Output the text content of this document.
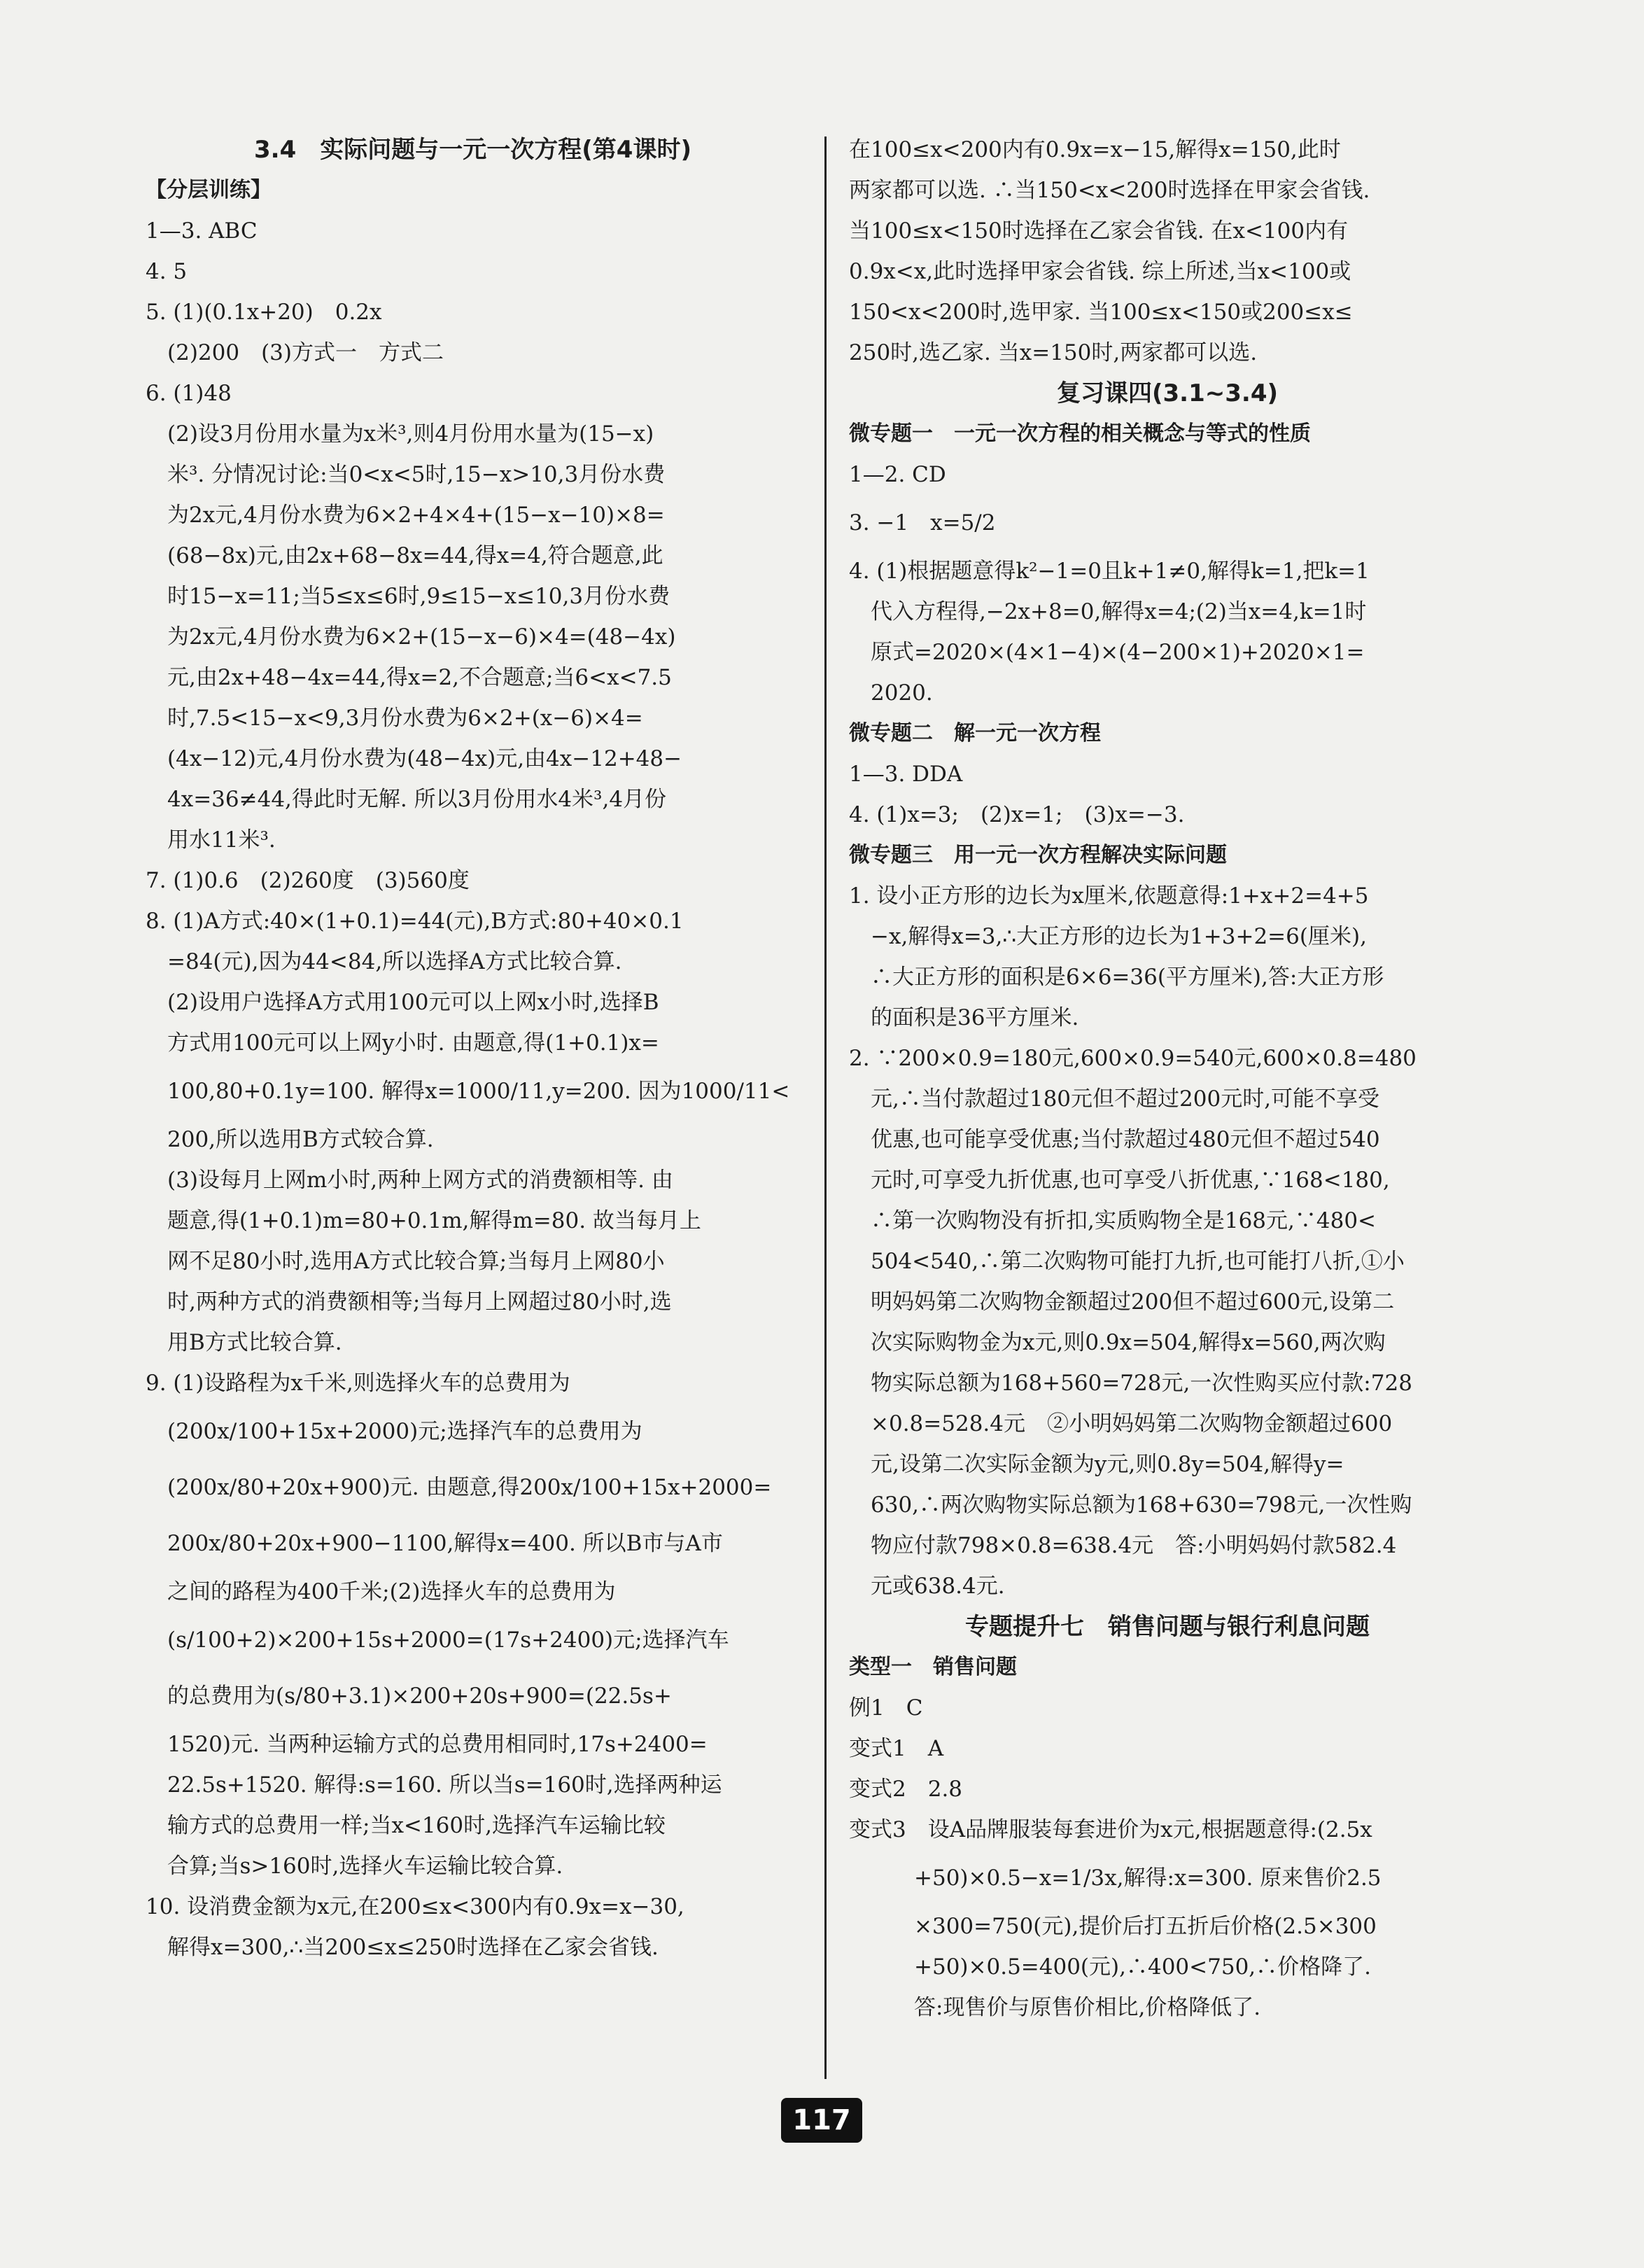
3.4　实际问题与一元一次方程(第4课时)
【分层训练】
1—3. ABC
4. 5
5. (1)(0.1x+20)　0.2x
　(2)200　(3)方式一　方式二
6. (1)48
　(2)设3月份用水量为x米³,则4月份用水量为(15−x)
　米³. 分情况讨论:当0<x<5时,15−x>10,3月份水费
　为2x元,4月份水费为6×2+4×4+(15−x−10)×8=
　(68−8x)元,由2x+68−8x=44,得x=4,符合题意,此
　时15−x=11;当5≤x≤6时,9≤15−x≤10,3月份水费
　为2x元,4月份水费为6×2+(15−x−6)×4=(48−4x)
　元,由2x+48−4x=44,得x=2,不合题意;当6<x<7.5
　时,7.5<15−x<9,3月份水费为6×2+(x−6)×4=
　(4x−12)元,4月份水费为(48−4x)元,由4x−12+48−
　4x=36≠44,得此时无解. 所以3月份用水4米³,4月份
　用水11米³.
7. (1)0.6　(2)260度　(3)560度
8. (1)A方式:40×(1+0.1)=44(元),B方式:80+40×0.1
　=84(元),因为44<84,所以选择A方式比较合算.
　(2)设用户选择A方式用100元可以上网x小时,选择B
　方式用100元可以上网y小时. 由题意,得(1+0.1)x=
　100,80+0.1y=100. 解得x=1000/11,y=200. 因为1000/11<
　200,所以选用B方式较合算.
　(3)设每月上网m小时,两种上网方式的消费额相等. 由
　题意,得(1+0.1)m=80+0.1m,解得m=80. 故当每月上
　网不足80小时,选用A方式比较合算;当每月上网80小
　时,两种方式的消费额相等;当每月上网超过80小时,选
　用B方式比较合算.
9. (1)设路程为x千米,则选择火车的总费用为
　(200x/100+15x+2000)元;选择汽车的总费用为
　(200x/80+20x+900)元. 由题意,得200x/100+15x+2000=
　200x/80+20x+900−1100,解得x=400. 所以B市与A市
　之间的路程为400千米;(2)选择火车的总费用为
　(s/100+2)×200+15s+2000=(17s+2400)元;选择汽车
　的总费用为(s/80+3.1)×200+20s+900=(22.5s+
　1520)元. 当两种运输方式的总费用相同时,17s+2400=
　22.5s+1520. 解得:s=160. 所以当s=160时,选择两种运
　输方式的总费用一样;当x<160时,选择汽车运输比较
　合算;当s>160时,选择火车运输比较合算.
10. 设消费金额为x元,在200≤x<300内有0.9x=x−30,
　解得x=300,∴当200≤x≤250时选择在乙家会省钱.
在100≤x<200内有0.9x=x−15,解得x=150,此时
两家都可以选. ∴当150<x<200时选择在甲家会省钱.
当100≤x<150时选择在乙家会省钱. 在x<100内有
0.9x<x,此时选择甲家会省钱. 综上所述,当x<100或
150<x<200时,选甲家. 当100≤x<150或200≤x≤
250时,选乙家. 当x=150时,两家都可以选.
复习课四(3.1~3.4)
微专题一　一元一次方程的相关概念与等式的性质
1—2. CD
3. −1　x=5/2
4. (1)根据题意得k²−1=0且k+1≠0,解得k=1,把k=1
　代入方程得,−2x+8=0,解得x=4;(2)当x=4,k=1时
　原式=2020×(4×1−4)×(4−200×1)+2020×1=
　2020.
微专题二　解一元一次方程
1—3. DDA
4. (1)x=3;　(2)x=1;　(3)x=−3.
微专题三　用一元一次方程解决实际问题
1. 设小正方形的边长为x厘米,依题意得:1+x+2=4+5
　−x,解得x=3,∴大正方形的边长为1+3+2=6(厘米),
　∴大正方形的面积是6×6=36(平方厘米),答:大正方形
　的面积是36平方厘米.
2. ∵200×0.9=180元,600×0.9=540元,600×0.8=480
　元,∴当付款超过180元但不超过200元时,可能不享受
　优惠,也可能享受优惠;当付款超过480元但不超过540
　元时,可享受九折优惠,也可享受八折优惠,∵168<180,
　∴第一次购物没有折扣,实质购物全是168元,∵480<
　504<540,∴第二次购物可能打九折,也可能打八折,①小
　明妈妈第二次购物金额超过200但不超过600元,设第二
　次实际购物金为x元,则0.9x=504,解得x=560,两次购
　物实际总额为168+560=728元,一次性购买应付款:728
　×0.8=528.4元　②小明妈妈第二次购物金额超过600
　元,设第二次实际金额为y元,则0.8y=504,解得y=
　630,∴两次购物实际总额为168+630=798元,一次性购
　物应付款798×0.8=638.4元　答:小明妈妈付款582.4
　元或638.4元.
专题提升七　销售问题与银行利息问题
类型一　销售问题
例1　C
变式1　A
变式2　2.8
变式3　设A品牌服装每套进价为x元,根据题意得:(2.5x
　　　+50)×0.5−x=1/3x,解得:x=300. 原来售价2.5
　　　×300=750(元),提价后打五折后价格(2.5×300
　　　+50)×0.5=400(元),∴400<750,∴价格降了.
　　　答:现售价与原售价相比,价格降低了.
117
